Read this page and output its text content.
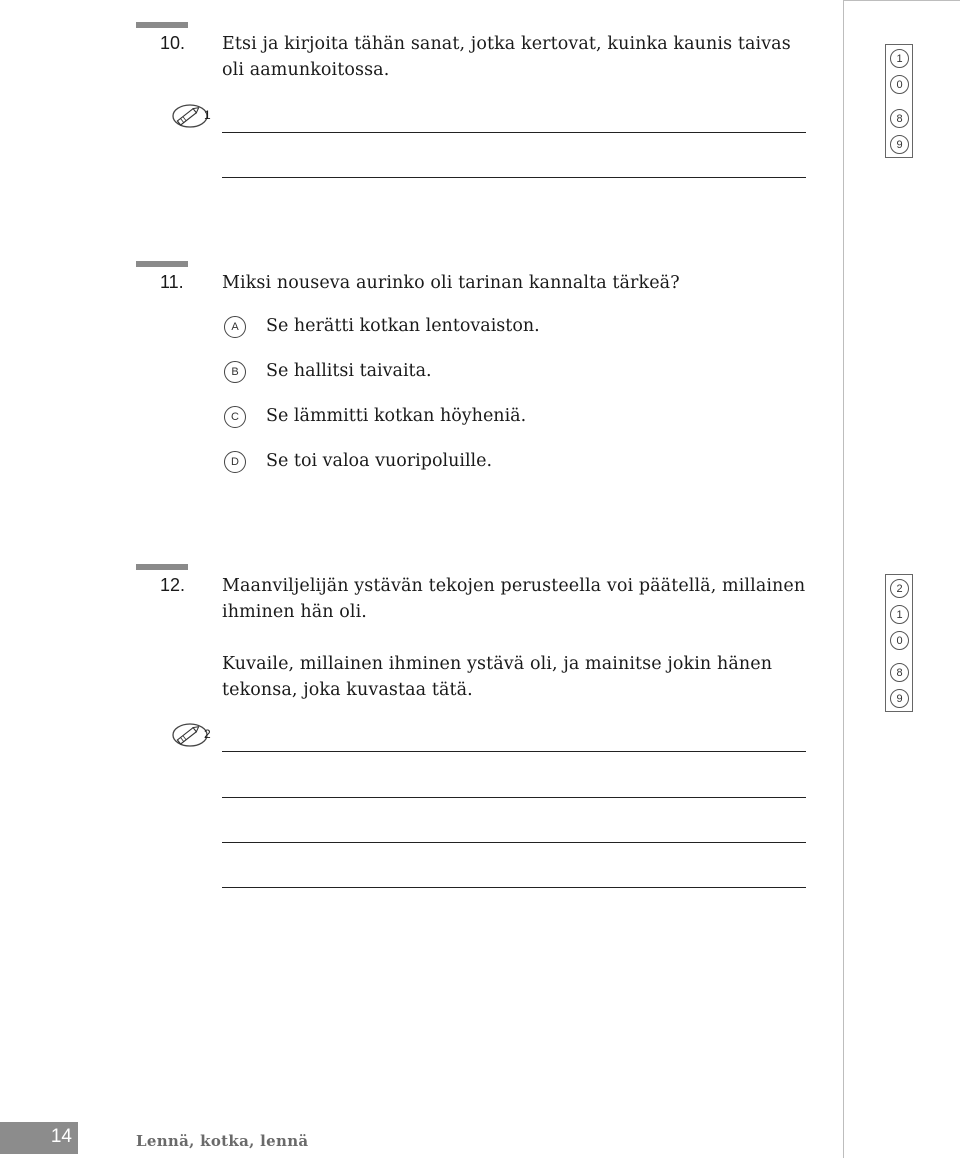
10. Etsi ja kirjoita tähän sanat, jotka kertovat, kuinka kaunis taivas
oli aamunkoitossa.
1
1
0
8
9
11. Miksi nouseva aurinko oli tarinan kannalta tärkeä?
A	Se herätti kotkan lentovaiston.
B	Se hallitsi taivaita.
C	Se lämmitti kotkan höyheniä.
D	Se toi valoa vuoripoluille.
12. Maanviljelijän ystävän tekojen perusteella voi päätellä, millainen
ihminen hän oli.
Kuvaile, millainen ihminen ystävä oli, ja mainitse jokin hänen
tekonsa, joka kuvastaa tätä.
2
2
1
0
8
9
14	Lennä, kotka, lennä
